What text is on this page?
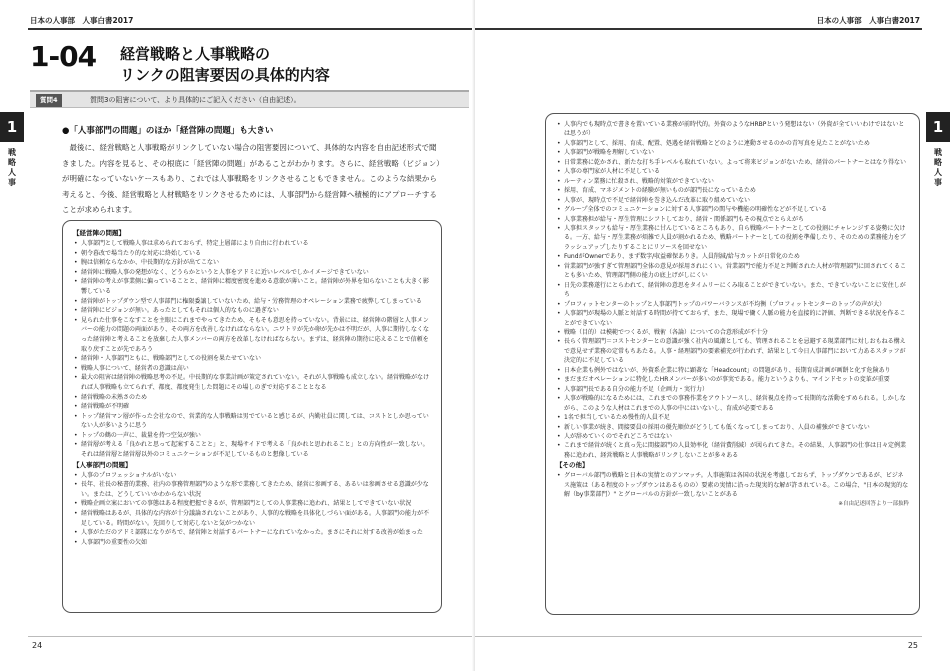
日本の人事部　人事白書2017
1-04 経営戦略と人事戦略の
リンクの阻害要因の具体的内容
質問4	質問3の阻害について、より具体的にご記入ください（自由記述）。
1
戦略人事
●「人事部門の問題」のほか「経営陣の問題」も大きい

最後に、経営戦略と人事戦略がリンクしていない場合の阻害要因について、具体的な内容を自由記述形式で聞きました。内容を見ると、その根底に「経営陣の問題」があることがわかります。さらに、経営戦略（ビジョン）が明確になっていないケースもあり、これでは人事戦略をリンクさせることもできません。このような結果から考えると、今後、経営戦略と人材戦略をリンクさせるためには、人事部門から経営陣へ積極的にアプローチすることが求められます。

【経営陣の問題】
• 人事部門として戦略人事は求められておらず、特定上層部により自由に行われている
• 朝令暮改で場当たり的な対応に終始している
• 腕は信頼ならなかか、中長期的な方針が出てこない
• 経営陣に戦略人事の発想がなく、どうらかというと人事をアドミに近いレベルでしかイメージできていない
• 経営陣の考えが事業側に偏っていることと、経営陣に精度密度を進める意欲が薄いこと。経営陣が外界を知らないことも大きく影響している
• 経営陣がトップダウン型で人事部門に権限委譲していないため、給与・労務管理のオペレーション業務で疲弊してしまっている
• 経営陣にビジョンが無い。あったとしてもそれは個人的なものに過ぎない
• 見られた仕事をこなすことを主眼にこれまでやってきたため、そもそも意思を持っていない。背景には、経営陣の階層と人事メンバーの能力の問題の両面があり、その両方を改善しなければならない。ニワトリが先か卵が先かは不明だが、人事に期待しなくなった経営陣と考えることを放棄した人事メンバーの両方を改革しなければならない。まずは、経営陣の期待に応えることで信頼を取り戻すことが先であろう
• 経営陣・人事部門ともに、戦略部門としての役割を果たせていない
• 戦略人事について、経営者の意識は高い
• 最大の阻害は経営陣の戦略思考の不足。中長期的な事業計画が策定されていない。それが人事戦略も成立しない。経営戦略がなければ人事戦略も立てられず、都度、都度発生した問題にその場しのぎで対応することとなる
• 経営戦略の未熟さのため
• 経営戦略が不明確
• トップ経営マン層が作った会社なので、営業的な人事戦略は男でていると感じるが、内勤社員に関しては、コストとしか思っていない人が多いように思う
• トップの鶴の一声に、裁量を持つ空気が強い
• 経営層が考える「良かれと思って起案することと」と、現場サイドで考える「良かれと思われること」との方向性が一致しない。それは経営層と経営層以外のコミュニケーションが不足しているものと想像している
【人事部門の問題】
• 人事のプロフェッショナルがいない
• 長年、社長の秘書的業務、社内の事務管理部門のような形で業務してきたため、経営に参画する、あるいは参画させる意識が少ない。または、どうしていいかわからない状況
• 戦略企画立案においての事態はある程度把握できるが、管理部門としての人事業務に追われ、結果としてできていない状況
• 経営戦略はあるが、具体的な内容が十分議論されないことがあり、人事的な戦略を具体化しづらい面がある。人事部門の能力が不足している。時間がない。先回りして対応しないと気がつかない
• 人事がただのアドミ部隊になりがちで、経営陣と対話するパートナーになれていなかった。まさにそれに対する改善が始まった
• 人事部門の重要性の欠如
24
日本の人事部　人事白書2017
1
戦略人事
• 人事内でも現時点で書きを置いている業務が前時代的。外資のようなHRBPという発想はない（外資が全ていいわけではないとは思うが）
• 人事部門として、採用、育成、配置、処遇を経営戦略とどのように連動させるのかの青写真を見たことがないため
• 人事部門が戦略を理解していない
• 日常業務に乾かされ、新たな打ち手レベルも取れていない。よって将来ビジョンがないため、経営のパートナーとはなり得ない
• 人事の専門家が人材に不足している
• ルーティン業務に忙殺され、戦略的対策ができていない
• 採用、育成、マネジメントの経験が無いものが部門長になっているため
• 人事が、現時点で不足で経営陣を巻き込んだ改革に取り組めていない
• グループ全体でのコミュニケーションに対する人事部門の関与や機能の明確性などが不足している
• 人事業務担が給与・厚生管理にシフトしており、経営・関係部門もその視点でとらえがち
• 人事担スタッフも給与・厚生業務に甘んじているところもあり、自ら戦略パートナーとしての役割にチャレンジする姿勢に欠ける。一方、給与・厚生業務が煩雑で人員が割かれるため、戦略パートナーとしての役割を準備したり、そのための業務能力をブラッシュアップしたりすることにリソースを回せない
• FundがOwnerであり、まず数字/収益確保ありき。人員削減/給与カットが日常化のため
• 営業部門が強すぎて管理部門全体の意見が採用されにくい。営業部門で能力不足と判断された人材が管理部門に回されてくることも多いため、管理部門側の能力の底上げがしにくい
• 日先の業務遂行にとらわれて、経営陣の意思をタイムリーにくみ取ることができていない。また、できていないことに安住しがち
• プロフィットセンターのトップと人事部門トップのパワーバランスが不均衡（プロフィットセンターのトップの声が大）
• 人事部門が現場の人脈と対話する時間が持てておらず、また、現場で働く人脈の能力を直接的に評価、判断できる状況を作ることができていない
• 戦略（目的）は模範でつくるが、戦術（各論）についての合意形成が不十分
• 長らく管理部門＝コストセンターとの意識が強く社内の風潮としても、管理されることを忌避する現業部門に対しおもねる構えで意見せず業務の定常もちあたる。人事・経理部門の要素補充が行われず、結果として今日人事部門において力あるスタッフが決定的に不足している
• 日本企業も例外ではないが、外資系企業に特に顕著な「Headcount」の問題があり、長期育成計画が画餅と化す危険あり
• まだまだオペレーションに特化したHRメンバーが多いのが事実である。能力というよりも、マインドセットの変革が重要
• 人事部門長である自分の能力不足（企画力・実行力）
• 人事が戦略的になるためには、これまでの事務作業をアウトソースし、経営視点を持って長期的な活動をすめられる。しかしながら、このような人材はこれまでの人事の中にはいないし、育成が必要である
• 1名で担当しているため慢性的人員不足
• 新しい事業が続き、間接要員の採用の優先順位がどうしても低くなってしまっており、人員の補強ができていない
• 人が辞めていくのでそれどころではない
• これまで経営が続くと真っ先に間接部門の人員効率化（経営費削減）が図られてきた。その結果、人事部門の仕事は日々定例業務に追われ、経営戦略と人事戦略がリンクしないことが多々ある
【その他】
• グローバル部門の戦略と日本の実情とのアンマッチ。人事施策は各国の状況を考慮しておらず、トップダウンであるが、ビジネス施策は（ある程度のトップダウンはあるものの）要素の実情に沿った現実的な解が許されている。この場合、"日本の現実的な解（by事業部門）" とグローバルの方針が一致しないことがある
※自由記述回答より一部抜粋
25
